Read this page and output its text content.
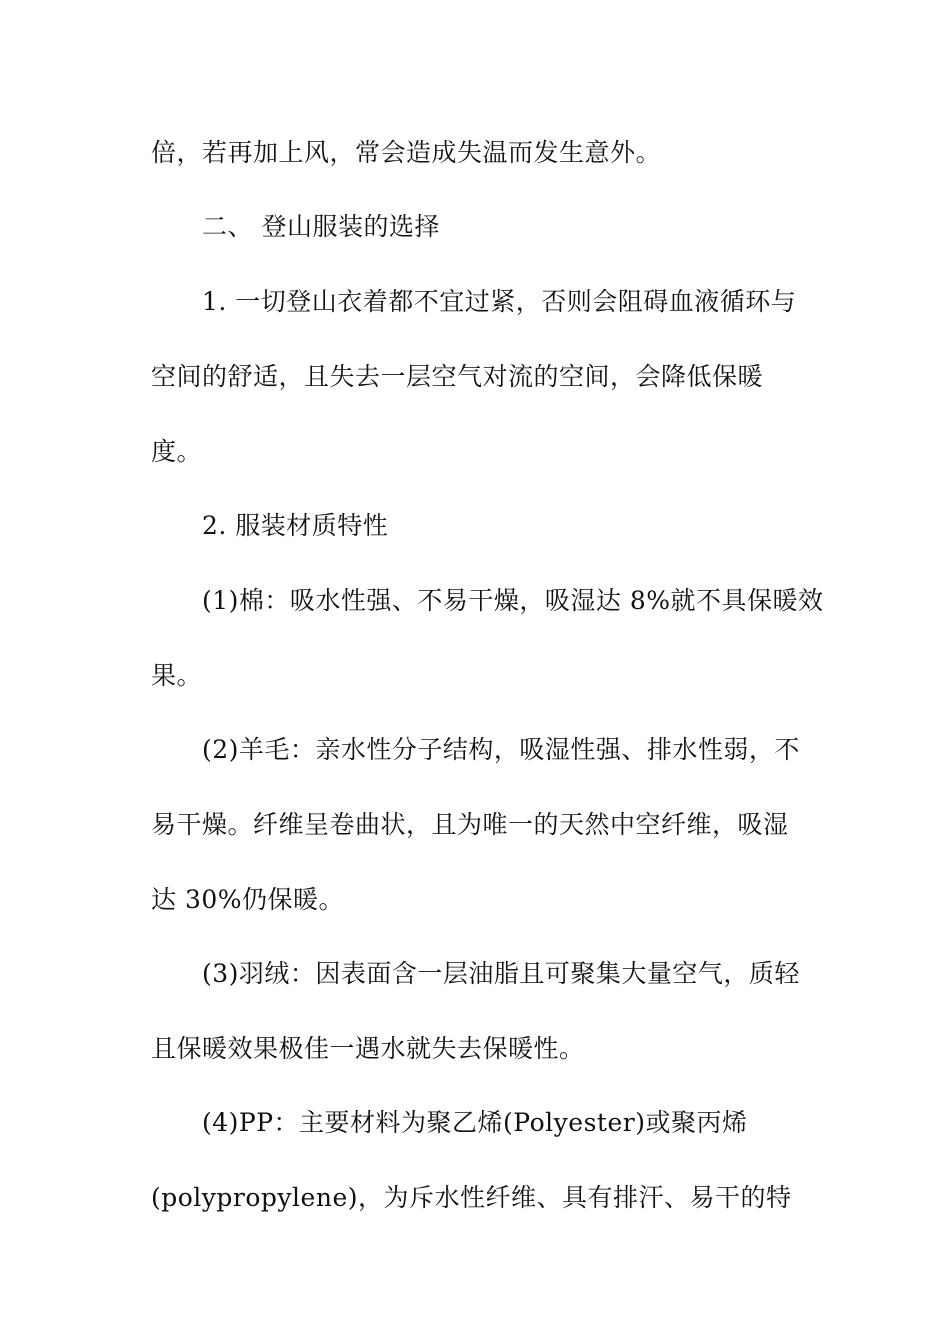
倍，若再加上风，常会造成失温而发生意外。
二、 登山服装的选择
1. 一切登山衣着都不宜过紧，否则会阻碍血液循环与
空间的舒适，且失去一层空气对流的空间，会降低保暖
度。
2. 服装材质特性
(1)棉：吸水性强、不易干燥，吸湿达 8%就不具保暖效
果。
(2)羊毛：亲水性分子结构，吸湿性强、排水性弱，不
易干燥。纤维呈卷曲状，且为唯一的天然中空纤维，吸湿
达 30%仍保暖。
(3)羽绒：因表面含一层油脂且可聚集大量空气，质轻
且保暖效果极佳一遇水就失去保暖性。
(4)PP：主要材料为聚乙烯(Polyester)或聚丙烯
(polypropylene)，为斥水性纤维、具有排汗、易干的特
